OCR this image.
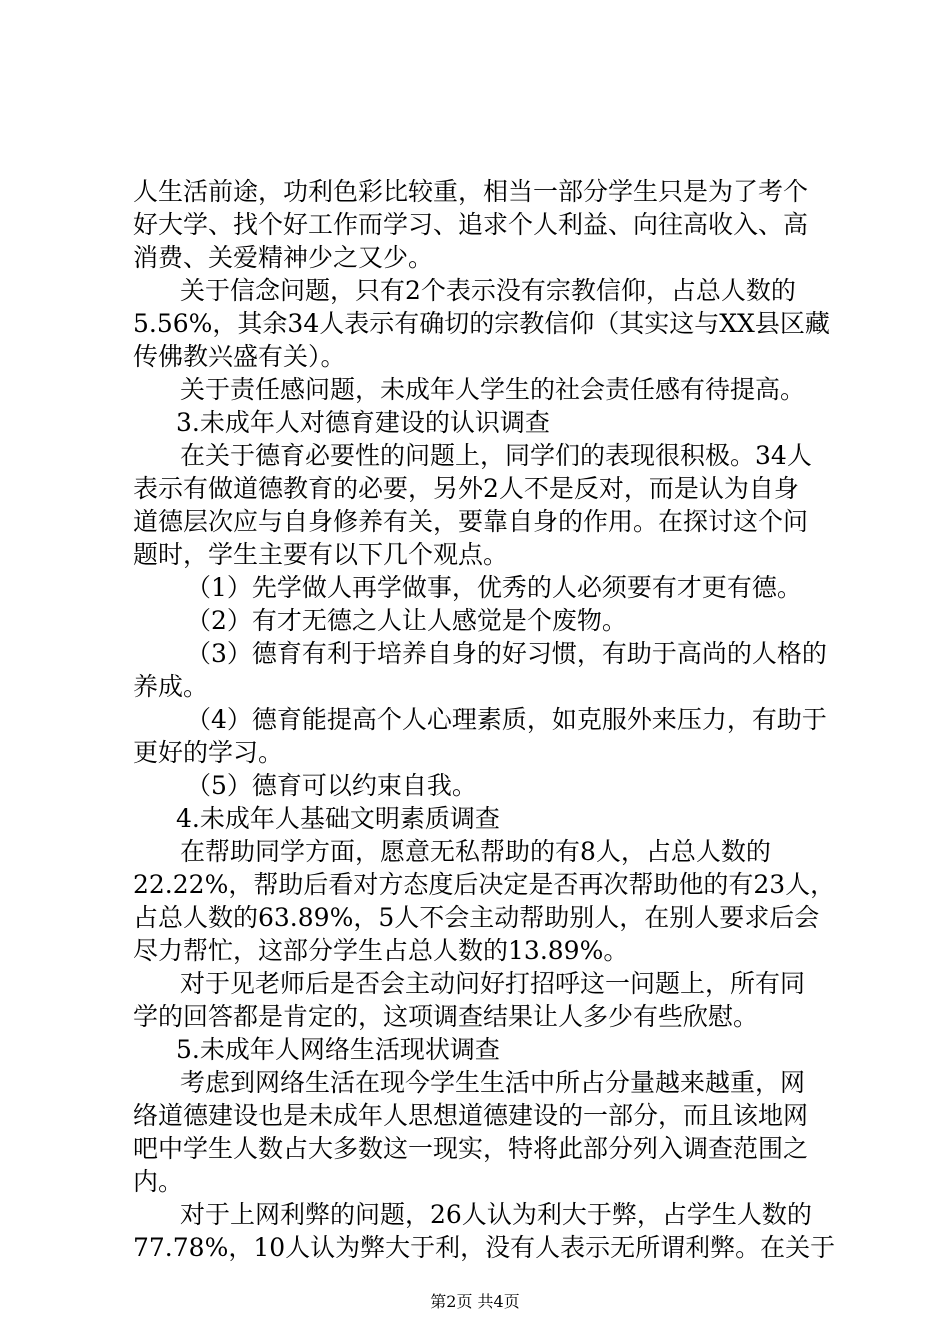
人生活前途，功利色彩比较重，相当一部分学生只是为了考个
好大学、找个好工作而学习、追求个人利益、向往高收入、高
消费、关爱精神少之又少。
关于信念问题，只有2个表示没有宗教信仰，占总人数的
5.56%，其余34人表示有确切的宗教信仰（其实这与XX县区藏
传佛教兴盛有关）。
关于责任感问题，未成年人学生的社会责任感有待提高。
3.未成年人对德育建设的认识调查
在关于德育必要性的问题上，同学们的表现很积极。34人
表示有做道德教育的必要，另外2人不是反对，而是认为自身
道德层次应与自身修养有关，要靠自身的作用。在探讨这个问
题时，学生主要有以下几个观点。
（1）先学做人再学做事，优秀的人必须要有才更有德。
（2）有才无德之人让人感觉是个废物。
（3）德育有利于培养自身的好习惯，有助于高尚的人格的
养成。
（4）德育能提高个人心理素质，如克服外来压力，有助于
更好的学习。
（5）德育可以约束自我。
4.未成年人基础文明素质调查
在帮助同学方面，愿意无私帮助的有8人，占总人数的
22.22%，帮助后看对方态度后决定是否再次帮助他的有23人，
占总人数的63.89%，5人不会主动帮助别人，在别人要求后会
尽力帮忙，这部分学生占总人数的13.89%。
对于见老师后是否会主动问好打招呼这一问题上，所有同
学的回答都是肯定的，这项调查结果让人多少有些欣慰。
5.未成年人网络生活现状调查
考虑到网络生活在现今学生生活中所占分量越来越重，网
络道德建设也是未成年人思想道德建设的一部分，而且该地网
吧中学生人数占大多数这一现实，特将此部分列入调查范围之
内。
对于上网利弊的问题，26人认为利大于弊，占学生人数的
77.78%，10人认为弊大于利，没有人表示无所谓利弊。在关于
第2页 共4页
